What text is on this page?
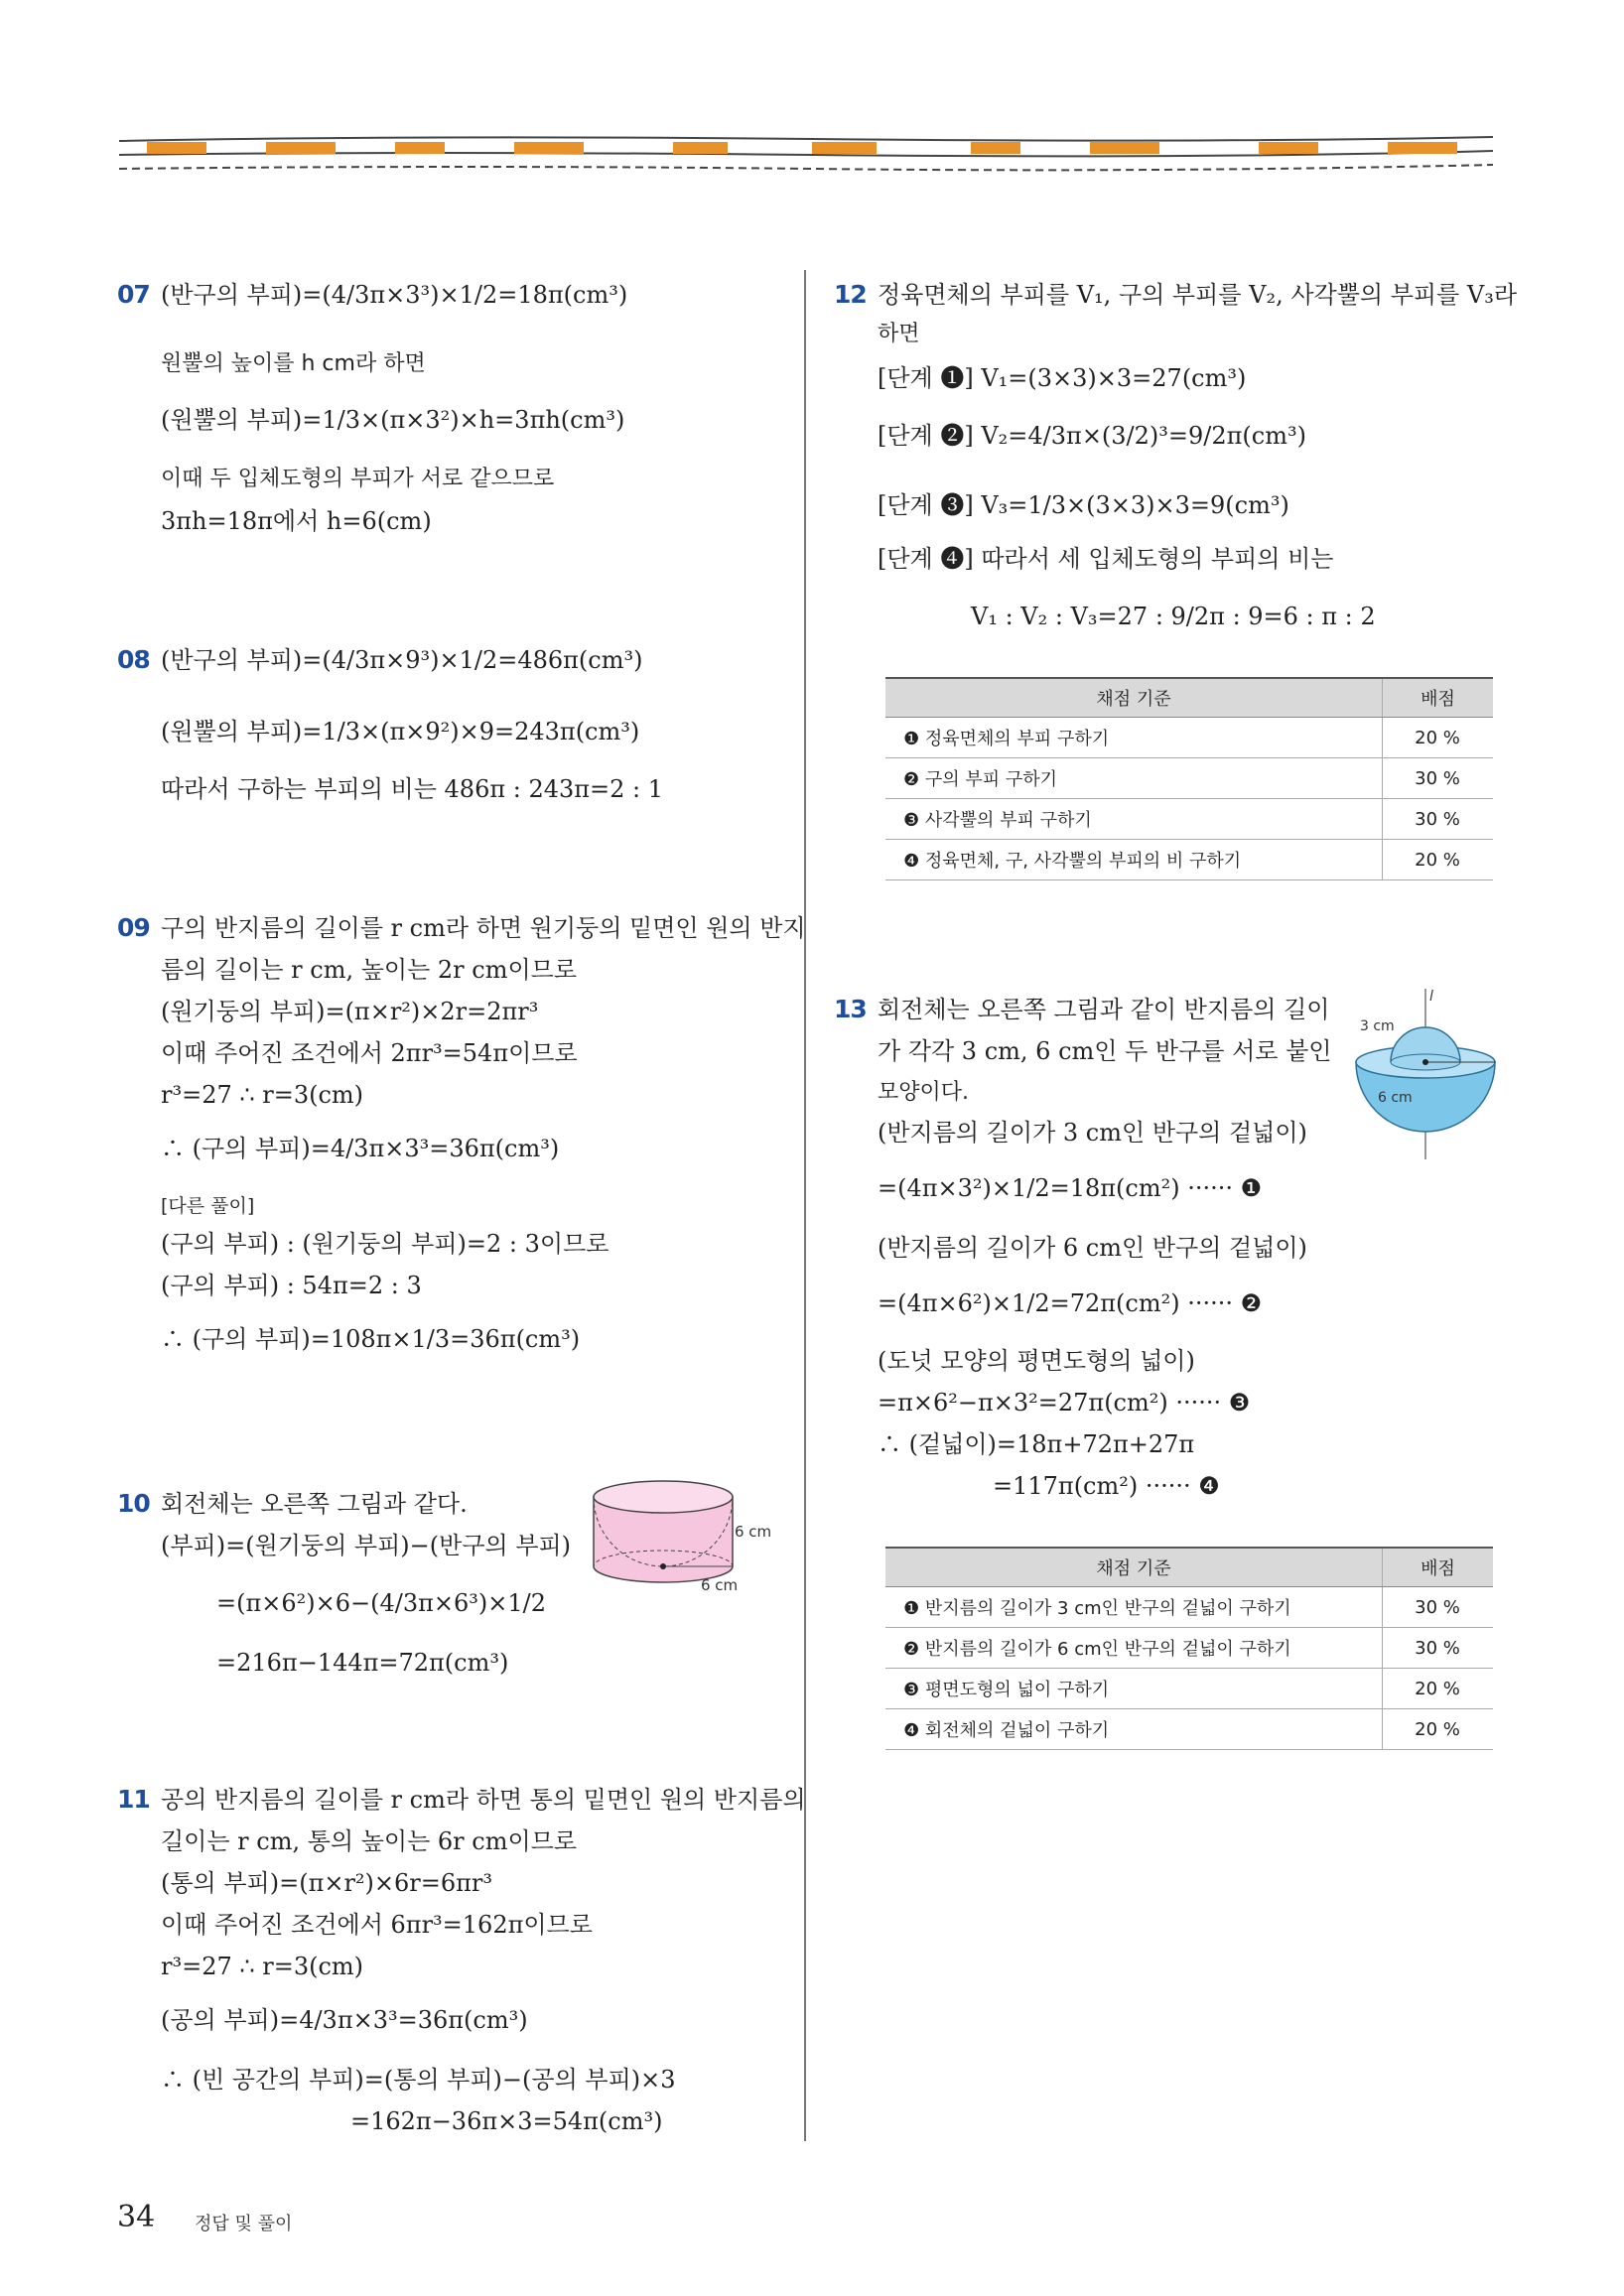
07 (반구의 부피)=(4/3π×3³)×1/2=18π(cm³)
원뿔의 높이를 h cm라 하면
(원뿔의 부피)=1/3×(π×3²)×h=3πh(cm³)
이때 두 입체도형의 부피가 서로 같으므로
3πh=18π에서 h=6(cm)
08 (반구의 부피)=(4/3π×9³)×1/2=486π(cm³)
(원뿔의 부피)=1/3×(π×9²)×9=243π(cm³)
따라서 구하는 부피의 비는 486π : 243π=2 : 1
09 구의 반지름의 길이를 r cm라 하면 원기둥의 밑면인 원의 반지
름의 길이는 r cm, 높이는 2r cm이므로
(원기둥의 부피)=(π×r²)×2r=2πr³
이때 주어진 조건에서 2πr³=54π이므로
r³=27 ∴ r=3(cm)
∴ (구의 부피)=4/3π×3³=36π(cm³)
[다른 풀이]
(구의 부피) : (원기둥의 부피)=2 : 3이므로
(구의 부피) : 54π=2 : 3
∴ (구의 부피)=108π×1/3=36π(cm³)
10 회전체는 오른쪽 그림과 같다.
(부피)=(원기둥의 부피)−(반구의 부피)
=(π×6²)×6−(4/3π×6³)×1/2
=216π−144π=72π(cm³)
6 cm
6 cm
11 공의 반지름의 길이를 r cm라 하면 통의 밑면인 원의 반지름의
길이는 r cm, 통의 높이는 6r cm이므로
(통의 부피)=(π×r²)×6r=6πr³
이때 주어진 조건에서 6πr³=162π이므로
r³=27 ∴ r=3(cm)
(공의 부피)=4/3π×3³=36π(cm³)
∴ (빈 공간의 부피)=(통의 부피)−(공의 부피)×3
=162π−36π×3=54π(cm³)
12 정육면체의 부피를 V₁, 구의 부피를 V₂, 사각뿔의 부피를 V₃라
하면
[단계 ❶] V₁=(3×3)×3=27(cm³)
[단계 ❷] V₂=4/3π×(3/2)³=9/2π(cm³)
[단계 ❸] V₃=1/3×(3×3)×3=9(cm³)
[단계 ❹] 따라서 세 입체도형의 부피의 비는
V₁ : V₂ : V₃=27 : 9/2π : 9=6 : π : 2
채점 기준	배점
❶ 정육면체의 부피 구하기	20 %
❷ 구의 부피 구하기	30 %
❸ 사각뿔의 부피 구하기	30 %
❹ 정육면체, 구, 사각뿔의 부피의 비 구하기	20 %
13 회전체는 오른쪽 그림과 같이 반지름의 길이
가 각각 3 cm, 6 cm인 두 반구를 서로 붙인
모양이다.
(반지름의 길이가 3 cm인 반구의 겉넓이)
=(4π×3²)×1/2=18π(cm²) ······ ❶
(반지름의 길이가 6 cm인 반구의 겉넓이)
=(4π×6²)×1/2=72π(cm²) ······ ❷
(도넛 모양의 평면도형의 넓이)
=π×6²−π×3²=27π(cm²) ······ ❸
∴ (겉넓이)=18π+72π+27π
=117π(cm²) ······ ❹
l
3 cm
6 cm
채점 기준	배점
❶ 반지름의 길이가 3 cm인 반구의 겉넓이 구하기	30 %
❷ 반지름의 길이가 6 cm인 반구의 겉넓이 구하기	30 %
❸ 평면도형의 넓이 구하기	20 %
❹ 회전체의 겉넓이 구하기	20 %
34 정답 및 풀이
